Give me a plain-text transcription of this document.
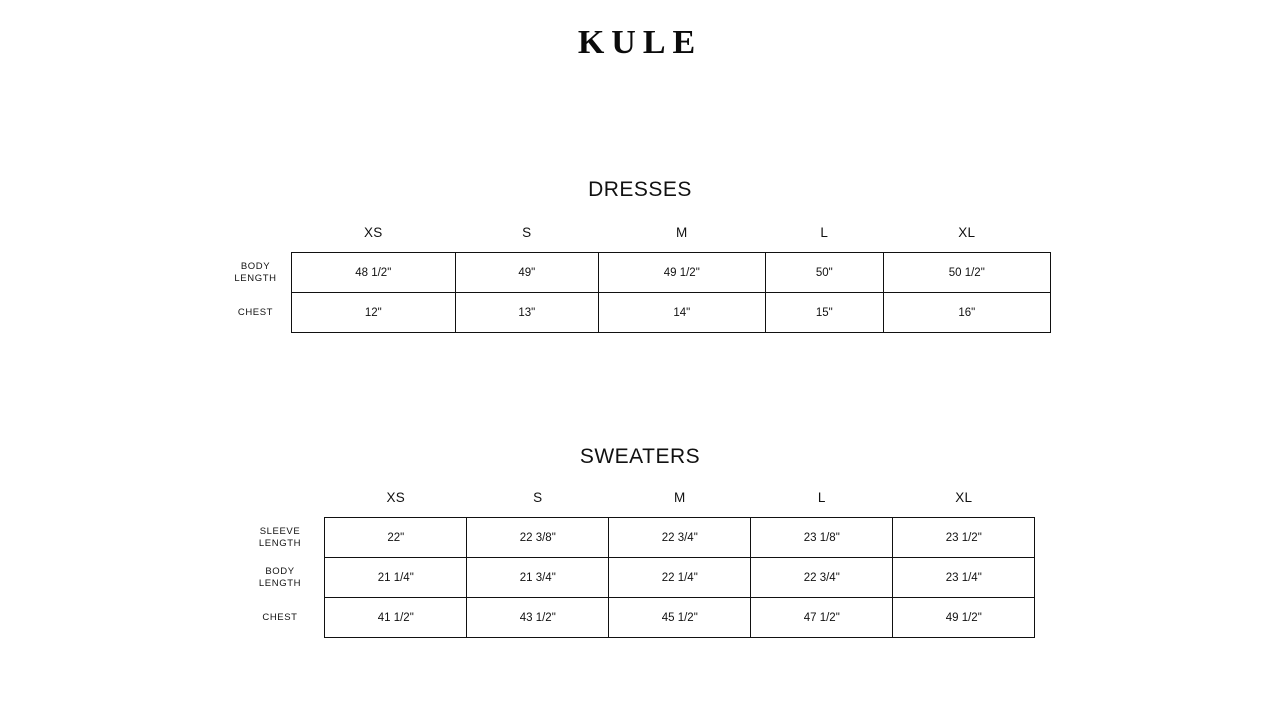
KULE
DRESSES
	XS	S	M	L	XL
BODY LENGTH	48 1/2"	49"	49 1/2"	50"	50 1/2"
CHEST	12"	13"	14"	15"	16"
SWEATERS
	XS	S	M	L	XL
SLEEVE LENGTH	22"	22 3/8"	22 3/4"	23 1/8"	23 1/2"
BODY LENGTH	21 1/4"	21 3/4"	22 1/4"	22 3/4"	23 1/4"
CHEST	41 1/2"	43 1/2"	45 1/2"	47 1/2"	49 1/2"
